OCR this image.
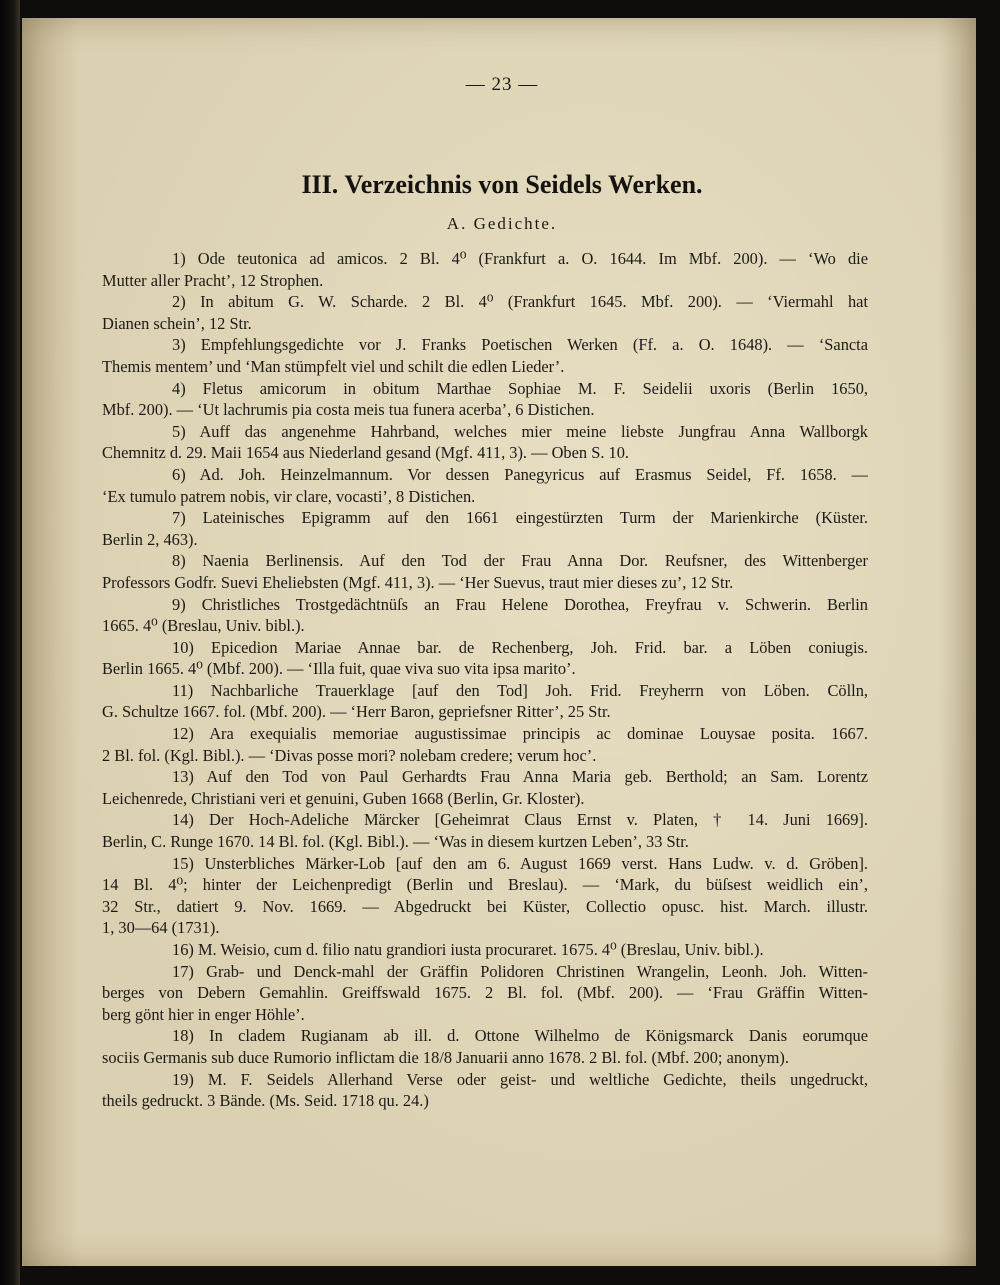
— 23 —
III. Verzeichnis von Seidels Werken.
A. Gedichte.
1) Ode teutonica ad amicos. 2 Bl. 4⁰ (Frankfurt a. O. 1644. Im Mbf. 200). — ‘Wo die
Mutter aller Pracht’, 12 Strophen.
2) In abitum G. W. Scharde. 2 Bl. 4⁰ (Frankfurt 1645. Mbf. 200). — ‘Viermahl hat
Dianen schein’, 12 Str.
3) Empfehlungsgedichte vor J. Franks Poetischen Werken (Ff. a. O. 1648). — ‘Sancta
Themis mentem’ und ‘Man stümpfelt viel und schilt die edlen Lieder’.
4) Fletus amicorum in obitum Marthae Sophiae M. F. Seidelii uxoris (Berlin 1650,
Mbf. 200). — ‘Ut lachrumis pia costa meis tua funera acerba’, 6 Distichen.
5) Auff das angenehme Hahrband, welches mier meine liebste Jungfrau Anna Wallborgk
Chemnitz d. 29. Maii 1654 aus Niederland gesand (Mgf. 411, 3). — Oben S. 10.
6) Ad. Joh. Heinzelmannum. Vor dessen Panegyricus auf Erasmus Seidel, Ff. 1658. —
‘Ex tumulo patrem nobis, vir clare, vocasti’, 8 Distichen.
7) Lateinisches Epigramm auf den 1661 eingestürzten Turm der Marienkirche (Küster.
Berlin 2, 463).
8) Naenia Berlinensis. Auf den Tod der Frau Anna Dor. Reufsner, des Wittenberger
Professors Godfr. Suevi Eheliebsten (Mgf. 411, 3). — ‘Her Suevus, traut mier dieses zu’, 12 Str.
9) Christliches Trostgedächtnüſs an Frau Helene Dorothea, Freyfrau v. Schwerin. Berlin
1665. 4⁰ (Breslau, Univ. bibl.).
10) Epicedion Mariae Annae bar. de Rechenberg, Joh. Frid. bar. a Löben coniugis.
Berlin 1665. 4⁰ (Mbf. 200). — ‘Illa fuit, quae viva suo vita ipsa marito’.
11) Nachbarliche Trauerklage [auf den Tod] Joh. Frid. Freyherrn von Löben. Cölln,
G. Schultze 1667. fol. (Mbf. 200). — ‘Herr Baron, gepriefsner Ritter’, 25 Str.
12) Ara exequialis memoriae augustissimae principis ac dominae Louysae posita. 1667.
2 Bl. fol. (Kgl. Bibl.). — ‘Divas posse mori? nolebam credere; verum hoc’.
13) Auf den Tod von Paul Gerhardts Frau Anna Maria geb. Berthold; an Sam. Lorentz
Leichenrede, Christiani veri et genuini, Guben 1668 (Berlin, Gr. Kloster).
14) Der Hoch-Adeliche Märcker [Geheimrat Claus Ernst v. Platen, † 14. Juni 1669].
Berlin, C. Runge 1670. 14 Bl. fol. (Kgl. Bibl.). — ‘Was in diesem kurtzen Leben’, 33 Str.
15) Unsterbliches Märker-Lob [auf den am 6. August 1669 verst. Hans Ludw. v. d. Gröben].
14 Bl. 4⁰; hinter der Leichenpredigt (Berlin und Breslau). — ‘Mark, du büſsest weidlich ein’,
32 Str., datiert 9. Nov. 1669. — Abgedruckt bei Küster, Collectio opusc. hist. March. illustr.
1, 30—64 (1731).
16) M. Weisio, cum d. filio natu grandiori iusta procuraret. 1675. 4⁰ (Breslau, Univ. bibl.).
17) Grab- und Denck-mahl der Gräffin Polidoren Christinen Wrangelin, Leonh. Joh. Witten-
berges von Debern Gemahlin. Greiffswald 1675. 2 Bl. fol. (Mbf. 200). — ‘Frau Gräffin Witten-
berg gönt hier in enger Höhle’.
18) In cladem Rugianam ab ill. d. Ottone Wilhelmo de Königsmarck Danis eorumque
sociis Germanis sub duce Rumorio inflictam die 18/8 Januarii anno 1678. 2 Bl. fol. (Mbf. 200; anonym).
19) M. F. Seidels Allerhand Verse oder geist- und weltliche Gedichte, theils ungedruckt,
theils gedruckt. 3 Bände. (Ms. Seid. 1718 qu. 24.)
